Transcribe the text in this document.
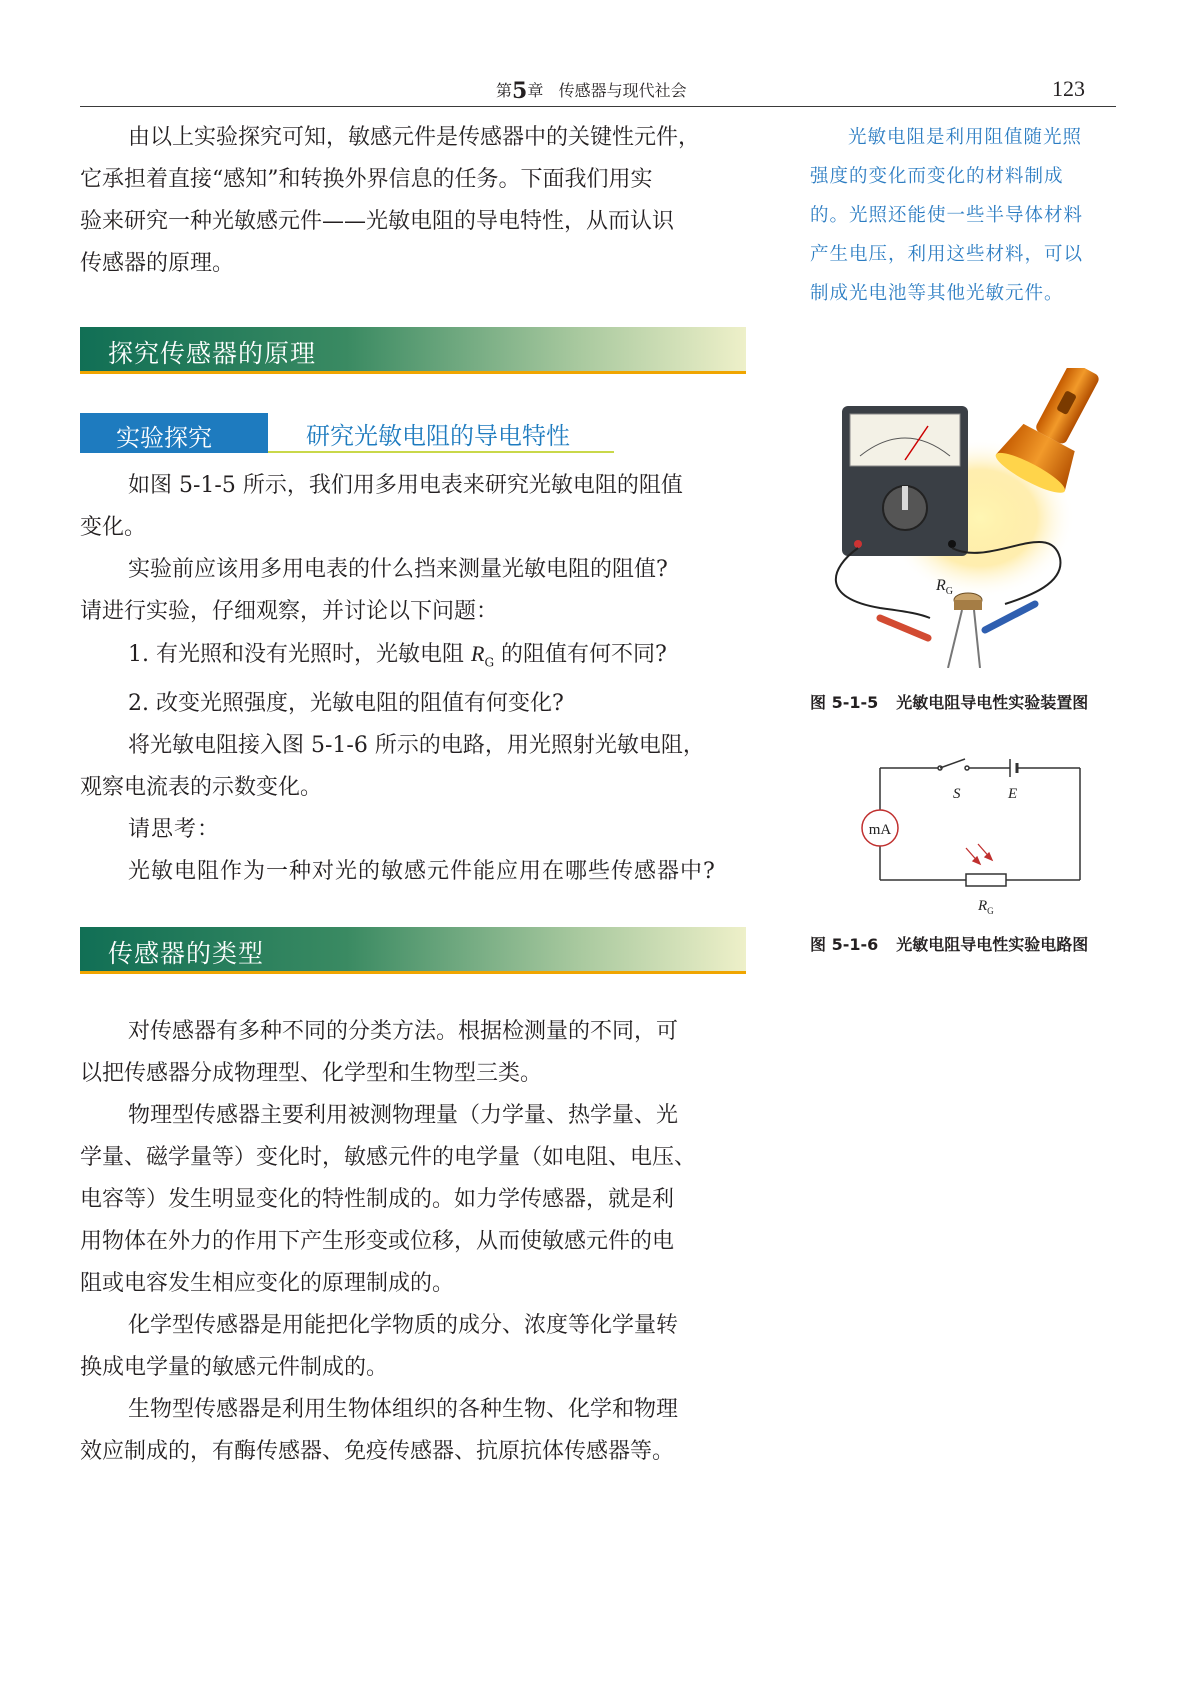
第5章 传感器与现代社会	123
由以上实验探究可知，敏感元件是传感器中的关键性元件，
它承担着直接“感知”和转换外界信息的任务。下面我们用实
验来研究一种光敏感元件——光敏电阻的导电特性，从而认识
传感器的原理。
光敏电阻是利用阻值随光照
强度的变化而变化的材料制成
的。光照还能使一些半导体材料
产生电压，利用这些材料，可以
制成光电池等其他光敏元件。
探究传感器的原理
实验探究	研究光敏电阻的导电特性
如图 5-1-5 所示，我们用多用电表来研究光敏电阻的阻值
变化。
实验前应该用多用电表的什么挡来测量光敏电阻的阻值?
请进行实验，仔细观察，并讨论以下问题：
1. 有光照和没有光照时，光敏电阻 $R_G$ 的阻值有何不同?
2. 改变光照强度，光敏电阻的阻值有何变化?
将光敏电阻接入图 5-1-6 所示的电路，用光照射光敏电阻，
观察电流表的示数变化。
请思考：
光敏电阻作为一种对光的敏感元件能应用在哪些传感器中?
传感器的类型
对传感器有多种不同的分类方法。根据检测量的不同，可
以把传感器分成物理型、化学型和生物型三类。
物理型传感器主要利用被测物理量（力学量、热学量、光
学量、磁学量等）变化时，敏感元件的电学量（如电阻、电压、
电容等）发生明显变化的特性制成的。如力学传感器，就是利
用物体在外力的作用下产生形变或位移，从而使敏感元件的电
阻或电容发生相应变化的原理制成的。
化学型传感器是用能把化学物质的成分、浓度等化学量转
换成电学量的敏感元件制成的。
生物型传感器是利用生物体组织的各种生物、化学和物理
效应制成的，有酶传感器、免疫传感器、抗原抗体传感器等。
$R_G$
图 5-1-5 光敏电阻导电性实验装置图
mA
S	E
$R_G$
图 5-1-6 光敏电阻导电性实验电路图
